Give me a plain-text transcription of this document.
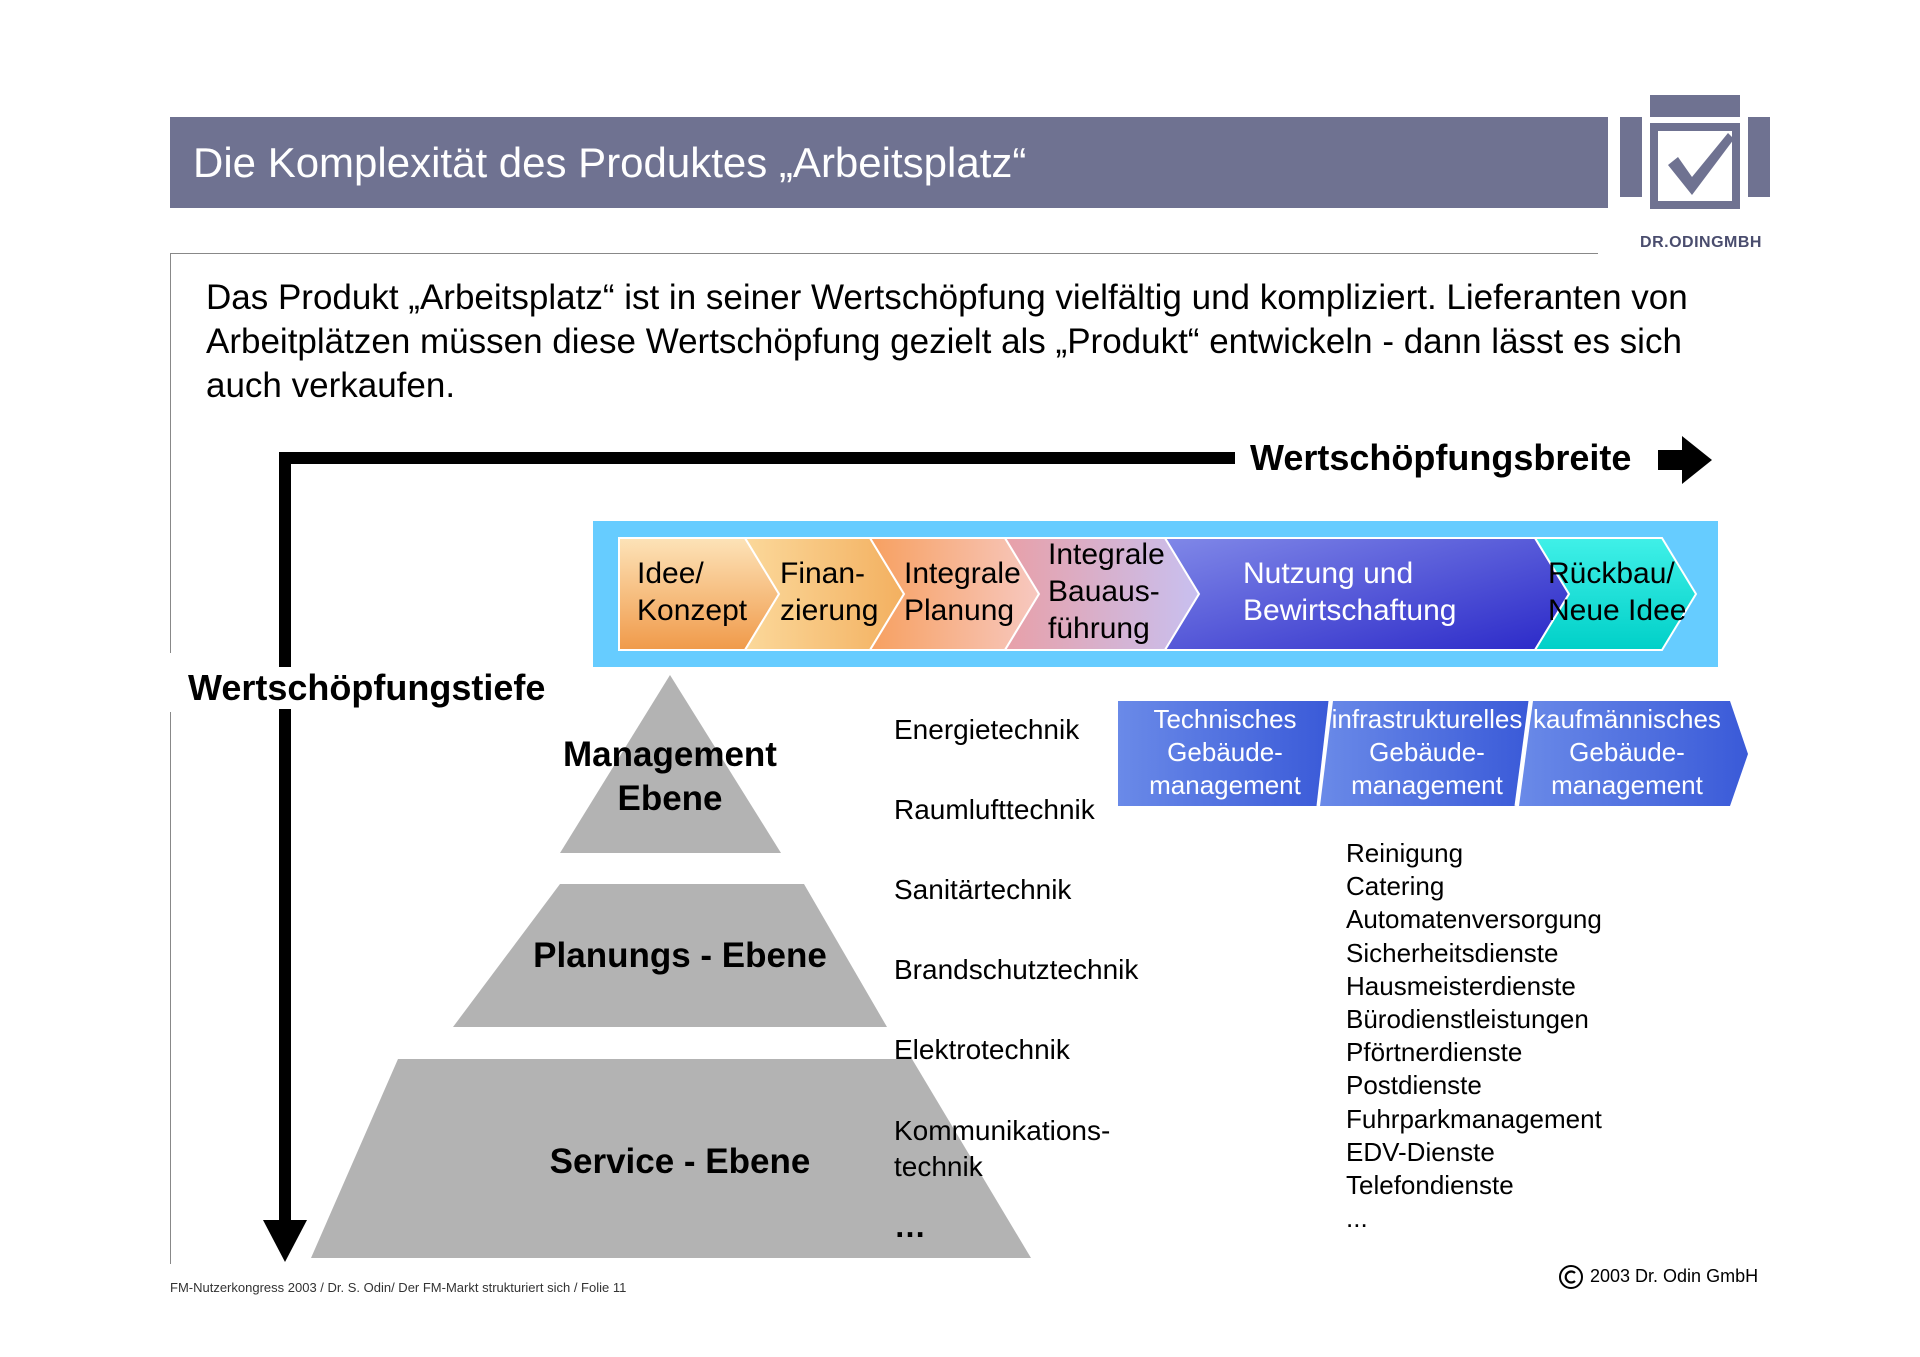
Die Komplexität des Produktes „Arbeitsplatz“
DR.ODINGMBH
Das Produkt „Arbeitsplatz“ ist in seiner Wertschöpfung vielfältig und kompliziert. Lieferanten von Arbeitplätzen müssen diese Wertschöpfung gezielt als „Produkt“ entwickeln - dann lässt es sich auch verkaufen.
Wertschöpfungsbreite
Wertschöpfungstiefe
Idee/
Konzept
Finan-
zierung
Integrale
Planung
Integrale
Bauaus-
führung
Nutzung und
Bewirtschaftung
Rückbau/
Neue Idee
Management
Ebene
Planungs - Ebene
Service - Ebene
Energietechnik
Raumlufttechnik
Sanitärtechnik
Brandschutztechnik
Elektrotechnik
Kommunikations-
technik
…
Technisches
Gebäude-
management
infrastrukturelles
Gebäude-
management
kaufmännisches
Gebäude-
management
Reinigung
Catering
Automatenversorgung
Sicherheitsdienste
Hausmeisterdienste
Bürodienstleistungen
Pförtnerdienste
Postdienste
Fuhrparkmanagement
EDV-Dienste
Telefondienste
...
FM-Nutzerkongress 2003 / Dr. S. Odin/ Der FM-Markt strukturiert sich / Folie 11
2003 Dr. Odin GmbH
